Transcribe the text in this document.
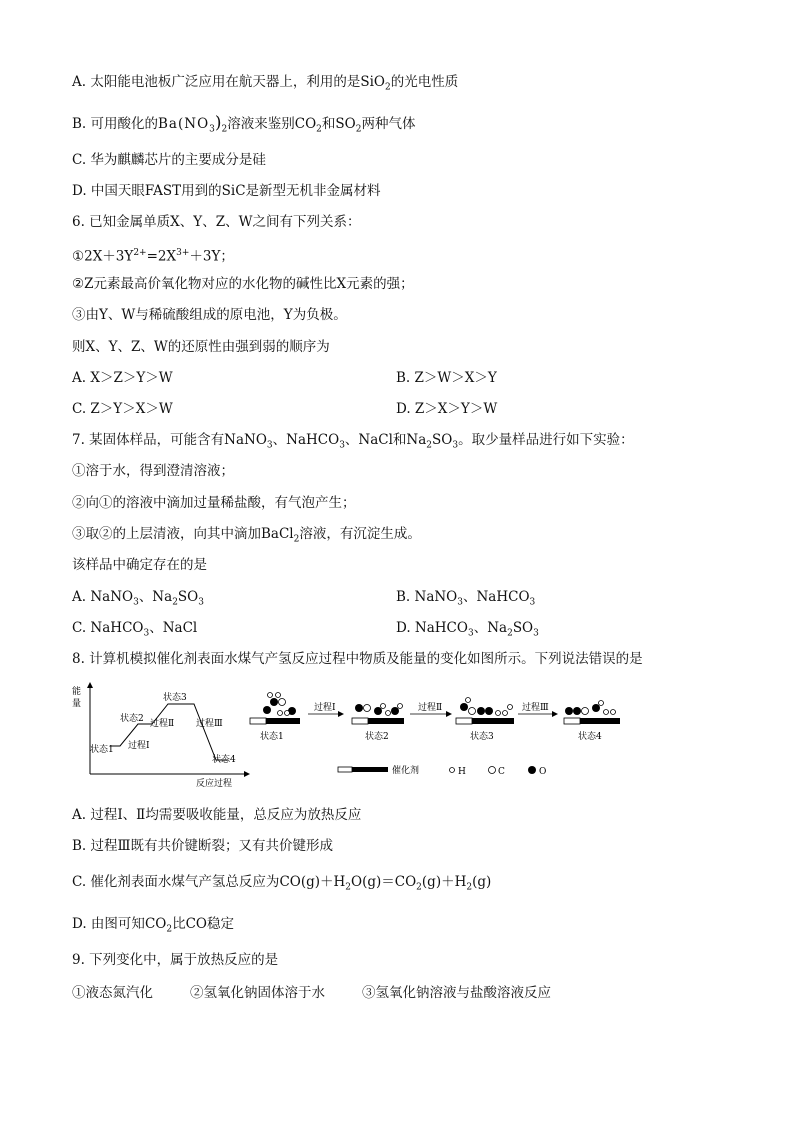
A. 太阳能电池板广泛应用在航天器上，利用的是SiO$_2$的光电性质
B. 可用酸化的$Ba(NO_3)_2$溶液来鉴别$CO_2$和$SO_2$两种气体
C. 华为麒麟芯片的主要成分是硅
D. 中国天眼FAST用到的SiC是新型无机非金属材料
6. 已知金属单质X、Y、Z、W之间有下列关系：
$①2X+3Y^{2+}=2X^{3+}+3Y$；
②Z元素最高价氧化物对应的水化物的碱性比X元素的强；
③由Y、W与稀硫酸组成的原电池，Y为负极。
则X、Y、Z、W的还原性由强到弱的顺序为
A. X＞Z＞Y＞W	B. Z＞W＞X＞Y
C. Z＞Y＞X＞W	D. Z＞X＞Y＞W
7. 某固体样品，可能含有NaNO$_3$、NaHCO$_3$、NaCl和$Na_2SO_3$。取少量样品进行如下实验：
①溶于水，得到澄清溶液；
②向①的溶液中滴加过量稀盐酸，有气泡产生；
③取②的上层清液，向其中滴加BaCl$_2$溶液，有沉淀生成。
该样品中确定存在的是
A. NaNO$_3$、$Na_2SO_3$	B. NaNO$_3$、NaHCO$_3$
C. NaHCO$_3$、NaCl	D. NaHCO$_3$、$Na_2SO_3$
8. 计算机模拟催化剂表面水煤气产氢反应过程中物质及能量的变化如图所示。下列说法错误的是
能
量
反应过程
状态1
状态2
状态3
状态4
过程Ⅰ
过程Ⅱ 过程Ⅲ
状态1
过程Ⅰ
状态2
过程Ⅱ
状态3
过程Ⅲ
状态4
催化剂	H	C	O
A. 过程Ⅰ、Ⅱ均需要吸收能量，总反应为放热反应
B. 过程Ⅲ既有共价键断裂；又有共价键形成
C. 催化剂表面水煤气产氢总反应为$CO(g)+H_2O(g)=CO_2(g)+H_2(g)$
D. 由图可知$CO_2$比CO稳定
9. 下列变化中，属于放热反应的是
①液态氮汽化	②氢氧化钠固体溶于水	③氢氧化钠溶液与盐酸溶液反应
